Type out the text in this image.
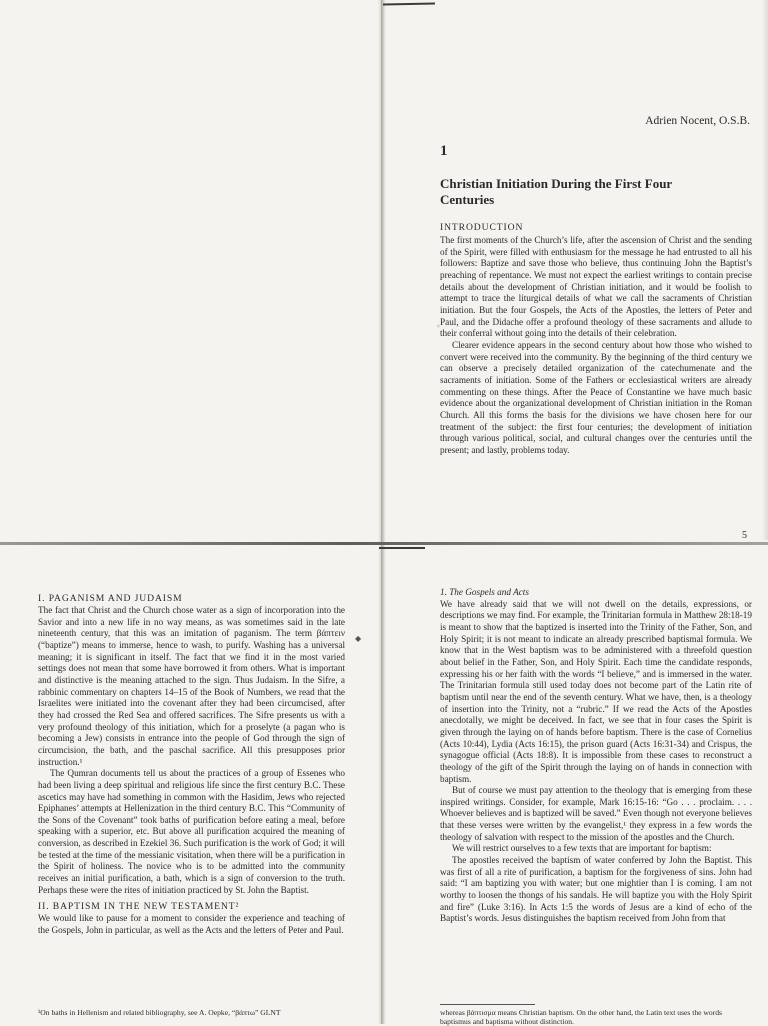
Adrien Nocent, O.S.B.
1
Christian Initiation During the First Four Centuries
INTRODUCTION

The first moments of the Church’s life, after the ascension of Christ and the sending of the Spirit, were filled with enthusiasm for the message he had entrusted to all his followers: Baptize and save those who believe, thus continuing John the Baptist’s preaching of repentance. We must not expect the earliest writings to contain precise details about the development of Christian initiation, and it would be foolish to attempt to trace the liturgical details of what we call the sacraments of Christian initiation. But the four Gospels, the Acts of the Apostles, the letters of Peter and Paul, and the Didache offer a profound theology of these sacraments and allude to their conferral without going into the details of their celebration.

Clearer evidence appears in the second century about how those who wished to convert were received into the community. By the beginning of the third century we can observe a precisely detailed organization of the catechumenate and the sacraments of initiation. Some of the Fathers or ecclesiastical writers are already commenting on these things. After the Peace of Constantine we have much basic evidence about the organizational development of Christian initiation in the Roman Church. All this forms the basis for the divisions we have chosen here for our treatment of the subject: the first four centuries; the development of initiation through various political, social, and cultural changes over the centuries until the present; and lastly, problems today.

5
◦

I. PAGANISM AND JUDAISM

The fact that Christ and the Church chose water as a sign of incorporation into the Savior and into a new life in no way means, as was sometimes said in the late nineteenth century, that this was an imitation of paganism. The term βάπτειν (“baptize”) means to immerse, hence to wash, to purify. Washing has a universal meaning; it is significant in itself. The fact that we find it in the most varied settings does not mean that some have borrowed it from others. What is important and distinctive is the meaning attached to the sign. Thus Judaism. In the Sifre, a rabbinic commentary on chapters 14–15 of the Book of Numbers, we read that the Israelites were initiated into the covenant after they had been circumcised, after they had crossed the Red Sea and offered sacrifices. The Sifre presents us with a very profound theology of this initiation, which for a proselyte (a pagan who is becoming a Jew) consists in entrance into the people of God through the sign of circumcision, the bath, and the paschal sacrifice. All this presupposes prior instruction.¹

The Qumran documents tell us about the practices of a group of Essenes who had been living a deep spiritual and religious life since the first century B.C. These ascetics may have had something in common with the Hasidim, Jews who rejected Epiphanes’ attempts at Hellenization in the third century B.C. This “Community of the Sons of the Covenant” took baths of purification before eating a meal, before speaking with a superior, etc. But above all purification acquired the meaning of conversion, as described in Ezekiel 36. Such purification is the work of God; it will be tested at the time of the messianic visitation, when there will be a purification in the Spirit of holiness. The novice who is to be admitted into the community receives an initial purification, a bath, which is a sign of conversion to the truth. Perhaps these were the rites of initiation practiced by St. John the Baptist.

II. BAPTISM IN THE NEW TESTAMENT²

We would like to pause for a moment to consider the experience and teaching of the Gospels, John in particular, as well as the Acts and the letters of Peter and Paul.

◆
¹On baths in Hellenism and related bibliography, see A. Oepke, “βάπτω” GLNT

1. The Gospels and Acts

We have already said that we will not dwell on the details, expressions, or descriptions we may find. For example, the Trinitarian formula in Matthew 28:18-19 is meant to show that the baptized is inserted into the Trinity of the Father, Son, and Holy Spirit; it is not meant to indicate an already prescribed baptismal formula. We know that in the West baptism was to be administered with a threefold question about belief in the Father, Son, and Holy Spirit. Each time the candidate responds, expressing his or her faith with the words “I believe,” and is immersed in the water. The Trinitarian formula still used today does not become part of the Latin rite of baptism until near the end of the seventh century. What we have, then, is a theology of insertion into the Trinity, not a “rubric.” If we read the Acts of the Apostles anecdotally, we might be deceived. In fact, we see that in four cases the Spirit is given through the laying on of hands before baptism. There is the case of Cornelius (Acts 10:44), Lydia (Acts 16:15), the prison guard (Acts 16:31-34) and Crispus, the synagogue official (Acts 18:8). It is impossible from these cases to reconstruct a theology of the gift of the Spirit through the laying on of hands in connection with baptism.

But of course we must pay attention to the theology that is emerging from these inspired writings. Consider, for example, Mark 16:15-16: “Go . . . proclaim. . . . Whoever believes and is baptized will be saved.” Even though not everyone believes that these verses were written by the evangelist,¹ they express in a few words the theology of salvation with respect to the mission of the apostles and the Church.

We will restrict ourselves to a few texts that are important for baptism:

The apostles received the baptism of water conferred by John the Baptist. This was first of all a rite of purification, a baptism for the forgiveness of sins. John had said: “I am baptizing you with water; but one mightier than I is coming. I am not worthy to loosen the thongs of his sandals. He will baptize you with the Holy Spirit and fire” (Luke 3:16). In Acts 1:5 the words of Jesus are a kind of echo of the Baptist’s words. Jesus distinguishes the baptism received from John from that

whereas βάπτισμα means Christian baptism. On the other hand, the Latin text uses the words baptismus and baptisma without distinction.
